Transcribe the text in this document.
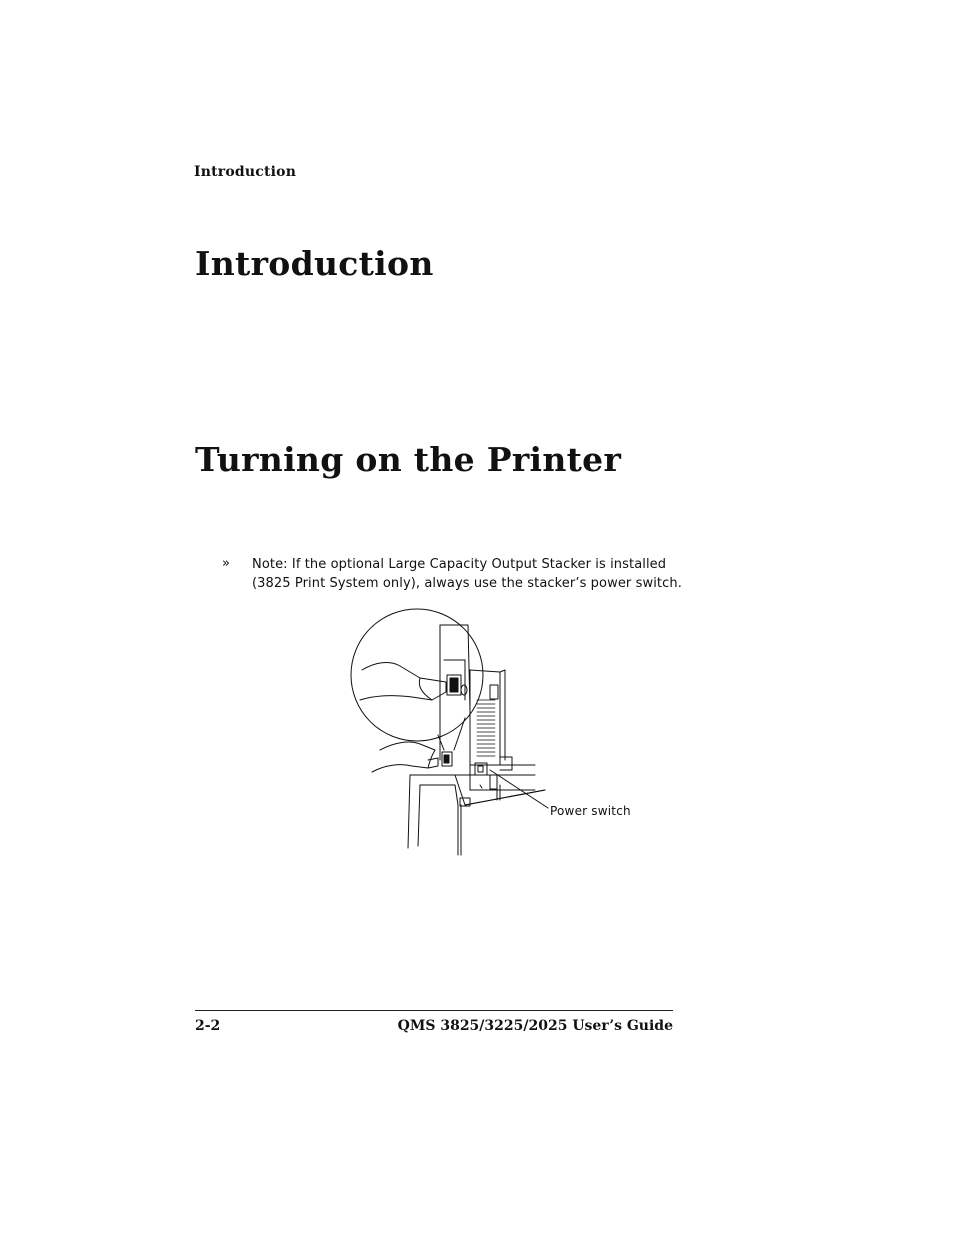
Introduction
Introduction
Turning on the Printer
» Note: If the optional Large Capacity Output Stacker is installed
(3825 Print System only), always use the stacker’s power switch.
Power switch
2-2	QMS 3825/3225/2025 User’s Guide
